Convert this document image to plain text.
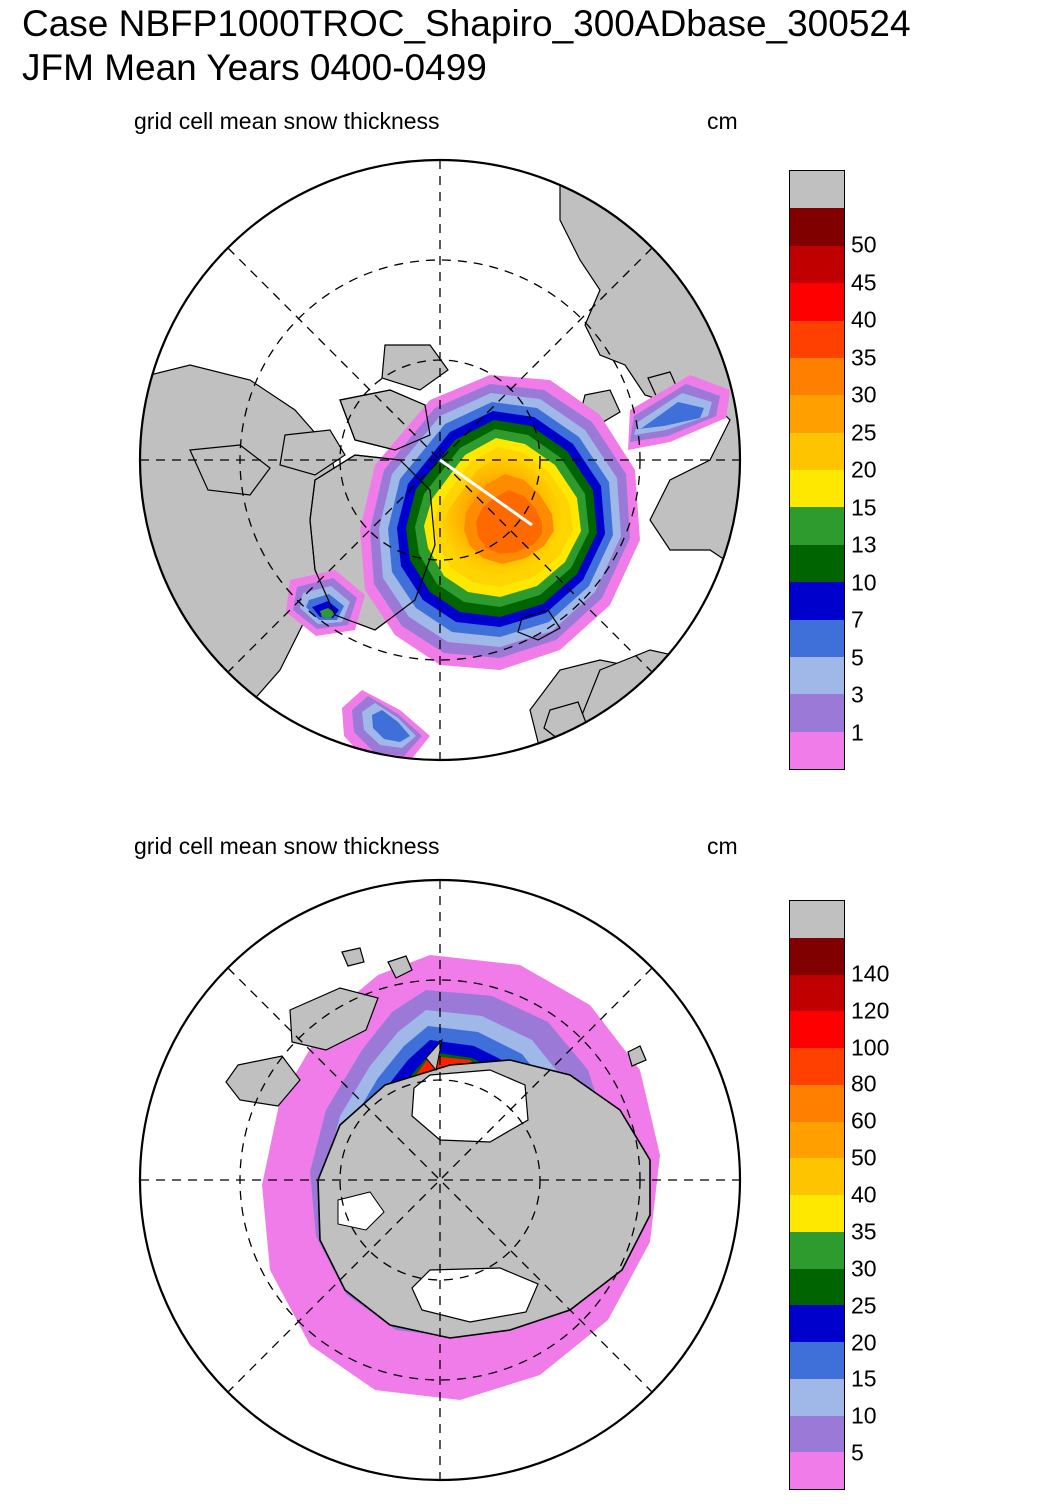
Case NBFP1000TROC_Shapiro_300ADbase_300524
JFM Mean Years 0400-0499
grid cell mean snow thickness	cm
50
45
40
35
30
25
20
15
13
10
7
5
3
1
grid cell mean snow thickness	cm
140
120
100
80
60
50
40
35
30
25
20
15
10
5
